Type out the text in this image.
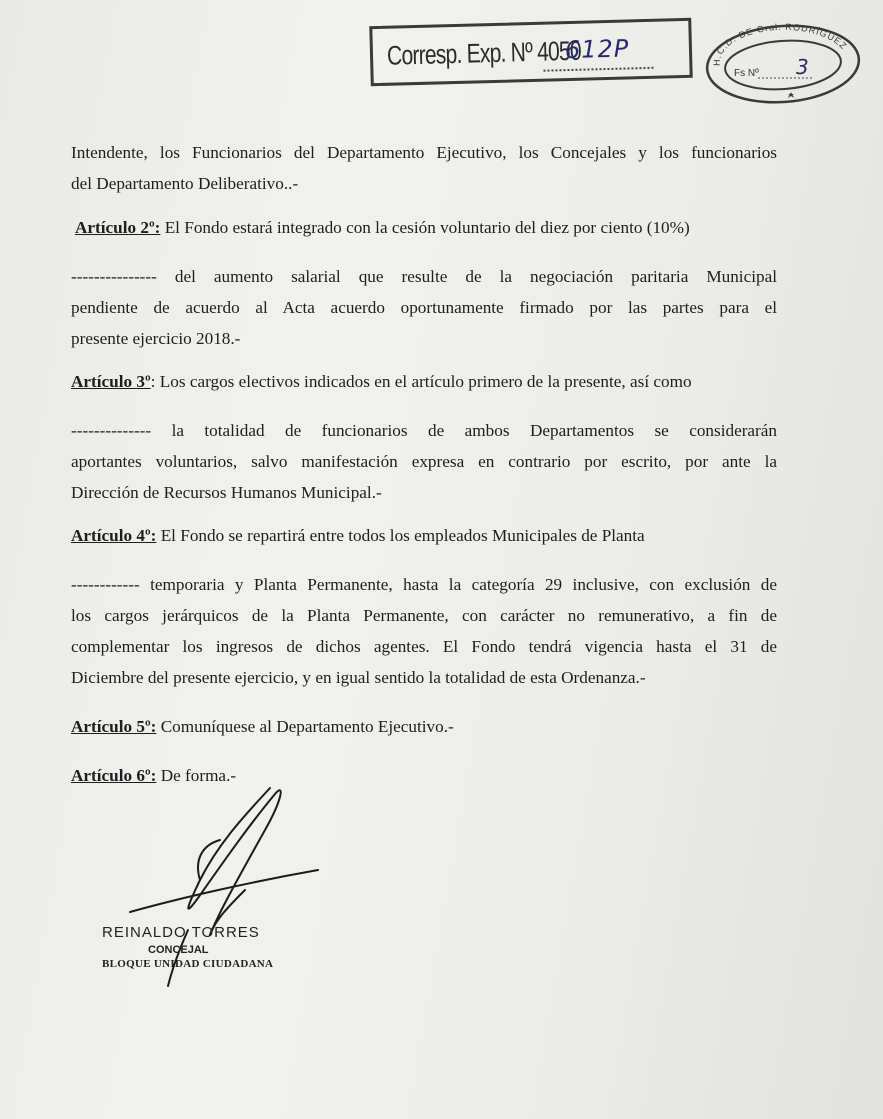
Corresp. Exp. Nº 4050
612P	H.C.D. DE Gral. RODRÍGUEZ
Fs Nº 3
Intendente, los Funcionarios del Departamento Ejecutivo, los Concejales y los funcionarios
del Departamento Deliberativo..-
Artículo 2º: El Fondo estará integrado con la cesión voluntario del diez por ciento (10%)
--------------- del aumento salarial que resulte de la negociación paritaria Municipal
pendiente de acuerdo al Acta acuerdo oportunamente firmado por las partes para el
presente ejercicio 2018.-
Artículo 3º: Los cargos electivos indicados en el artículo primero de la presente, así como
-------------- la totalidad de funcionarios de ambos Departamentos se considerarán
aportantes voluntarios, salvo manifestación expresa en contrario por escrito, por ante la
Dirección de Recursos Humanos Municipal.-
Artículo 4º: El Fondo se repartirá entre todos los empleados Municipales de Planta
------------ temporaria y Planta Permanente, hasta la categoría 29 inclusive, con exclusión de
los cargos jerárquicos de la Planta Permanente, con carácter no remunerativo, a fin de
complementar los ingresos de dichos agentes. El Fondo tendrá vigencia hasta el 31 de
Diciembre del presente ejercicio, y en igual sentido la totalidad de esta Ordenanza.-
Artículo 5º: Comuníquese al Departamento Ejecutivo.-
Artículo 6º: De forma.-
REINALDO TORRES
CONCEJAL
BLOQUE UNIDAD CIUDADANA
